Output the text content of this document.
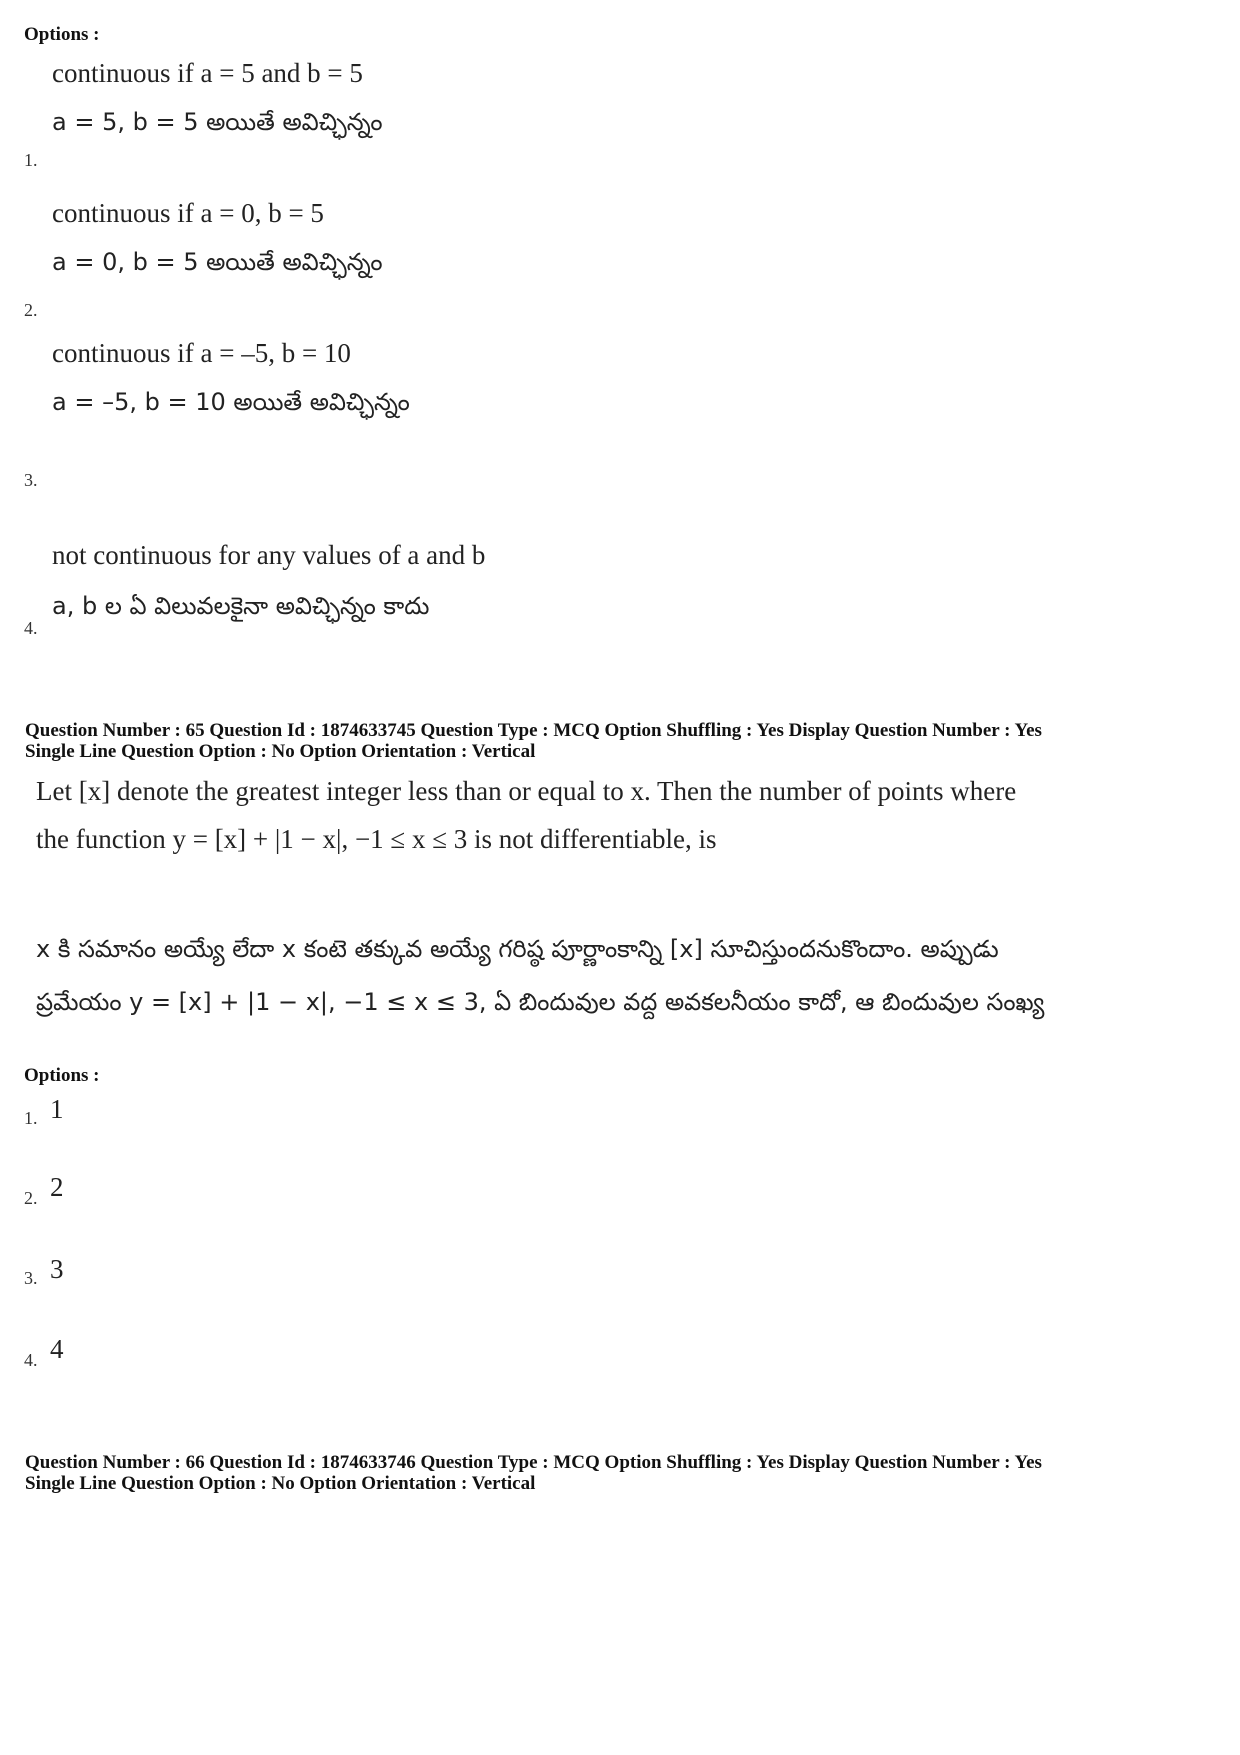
Options :
continuous if a = 5 and b = 5
a = 5, b = 5 అయితే అవిచ్ఛిన్నం
1.
continuous if a = 0, b = 5
a = 0, b = 5 అయితే అవిచ్ఛిన్నం
2.
continuous if a = –5, b = 10
a = –5, b = 10 అయితే అవిచ్ఛిన్నం
3.
not continuous for any values of a and b
a, b ల ఏ విలువలకైనా అవిచ్ఛిన్నం కాదు
4.
Question Number : 65 Question Id : 1874633745 Question Type : MCQ Option Shuffling : Yes Display Question Number : Yes
Single Line Question Option : No Option Orientation : Vertical
Let [x] denote the greatest integer less than or equal to x. Then the number of points where
the function y = [x] + |1 − x|, −1 ≤ x ≤ 3 is not differentiable, is
x కి సమానం అయ్యే లేదా x కంటె తక్కువ అయ్యే గరిష్ఠ పూర్ణాంకాన్ని [x] సూచిస్తుందనుకొందాం. అప్పుడు
ప్రమేయం y = [x] + |1 − x|, −1 ≤ x ≤ 3, ఏ బిందువుల వద్ద అవకలనీయం కాదో, ఆ బిందువుల సంఖ్య
Options :
1. 1
2. 2
3. 3
4. 4
Question Number : 66 Question Id : 1874633746 Question Type : MCQ Option Shuffling : Yes Display Question Number : Yes
Single Line Question Option : No Option Orientation : Vertical
